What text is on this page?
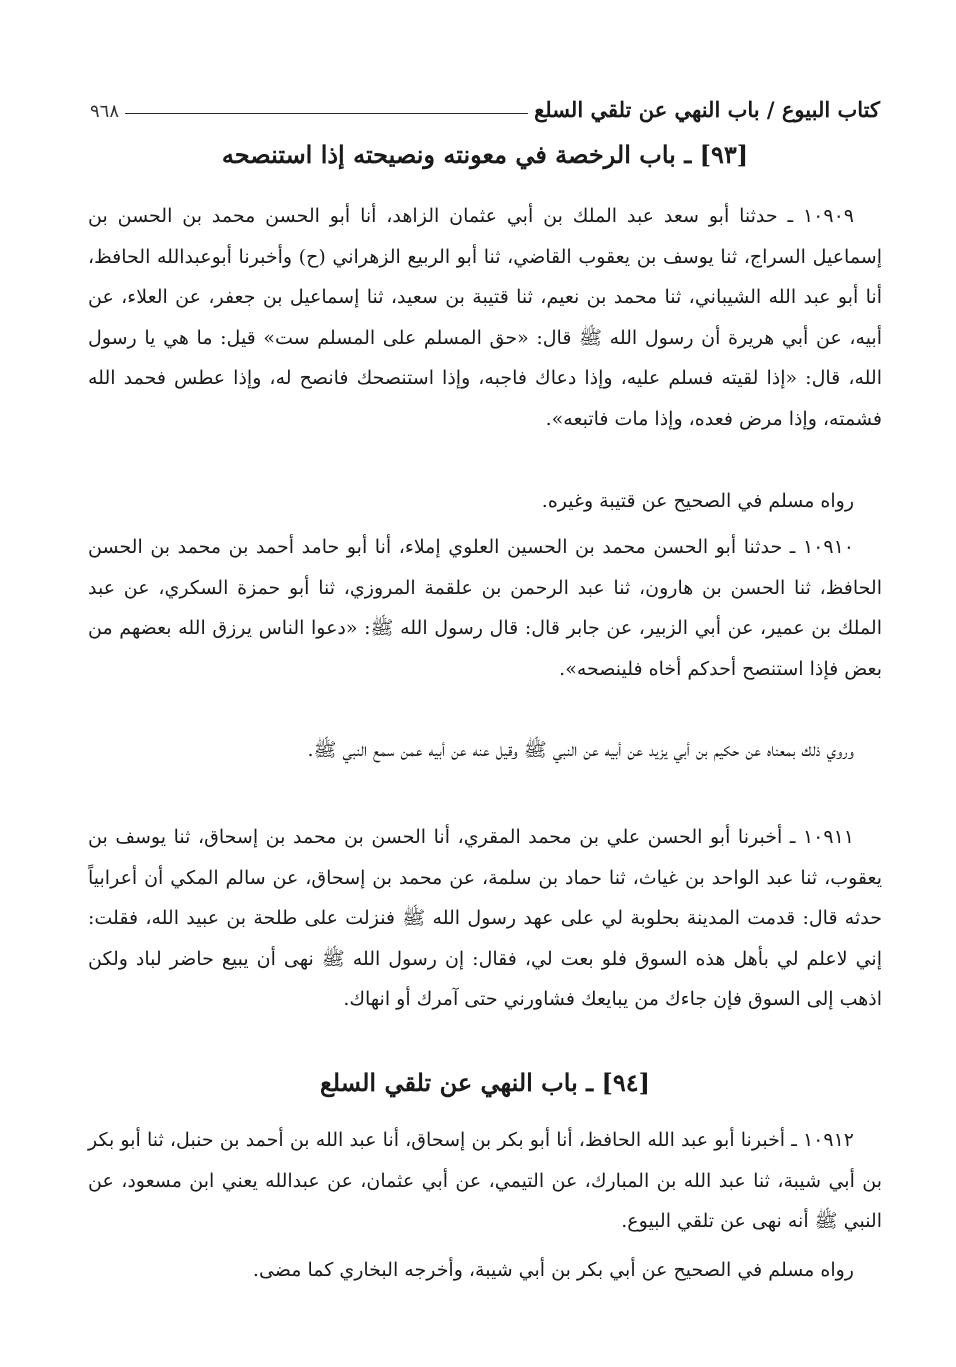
كتاب البيوع / باب النهي عن تلقي السلع
٩٦٨
[٩٣] ـ باب الرخصة في معونته ونصيحته إذا استنصحه

١٠٩٠٩ ـ حدثنا أبو سعد عبد الملك بن أبي عثمان الزاهد، أنا أبو الحسن محمد بن الحسن بن إسماعيل السراج، ثنا يوسف بن يعقوب القاضي، ثنا أبو الربيع الزهراني (ح) وأخبرنا أبوعبدالله الحافظ، أنا أبو عبد الله الشيباني، ثنا محمد بن نعيم، ثنا قتيبة بن سعيد، ثنا إسماعيل بن جعفر، عن العلاء، عن أبيه، عن أبي هريرة أن رسول الله ﷺ قال: «حق المسلم على المسلم ست» قيل: ما هي يا رسول الله، قال: «إذا لقيته فسلم عليه، وإذا دعاك فاجبه، وإذا استنصحك فانصح له، وإذا عطس فحمد الله فشمته، وإذا مرض فعده، وإذا مات فاتبعه».

رواه مسلم في الصحيح عن قتيبة وغيره.

١٠٩١٠ ـ حدثنا أبو الحسن محمد بن الحسين العلوي إملاء، أنا أبو حامد أحمد بن محمد بن الحسن الحافظ، ثنا الحسن بن هارون، ثنا عبد الرحمن بن علقمة المروزي، ثنا أبو حمزة السكري، عن عبد الملك بن عمير، عن أبي الزبير، عن جابر قال: قال رسول الله ﷺ: «دعوا الناس يرزق الله بعضهم من بعض فإذا استنصح أحدكم أخاه فلينصحه».

وروي ذلك بمعناه عن حكيم بن أبي يزيد عن أبيه عن النبي ﷺ وقيل عنه عن أبيه عمن سمع النبي ﷺ.

١٠٩١١ ـ أخبرنا أبو الحسن علي بن محمد المقري، أنا الحسن بن محمد بن إسحاق، ثنا يوسف بن يعقوب، ثنا عبد الواحد بن غياث، ثنا حماد بن سلمة، عن محمد بن إسحاق، عن سالم المكي أن أعرابياً حدثه قال: قدمت المدينة بحلوبة لي على عهد رسول الله ﷺ فنزلت على طلحة بن عبيد الله، فقلت: إني لاعلم لي بأهل هذه السوق فلو بعت لي، فقال: إن رسول الله ﷺ نهى أن يبيع حاضر لباد ولكن اذهب إلى السوق فإن جاءك من يبايعك فشاورني حتى آمرك أو انهاك.

[٩٤] ـ باب النهي عن تلقي السلع

١٠٩١٢ ـ أخبرنا أبو عبد الله الحافظ، أنا أبو بكر بن إسحاق، أنا عبد الله بن أحمد بن حنبل، ثنا أبو بكر بن أبي شيبة، ثنا عبد الله بن المبارك، عن التيمي، عن أبي عثمان، عن عبدالله يعني ابن مسعود، عن النبي ﷺ أنه نهى عن تلقي البيوع.

رواه مسلم في الصحيح عن أبي بكر بن أبي شيبة، وأخرجه البخاري كما مضى.
